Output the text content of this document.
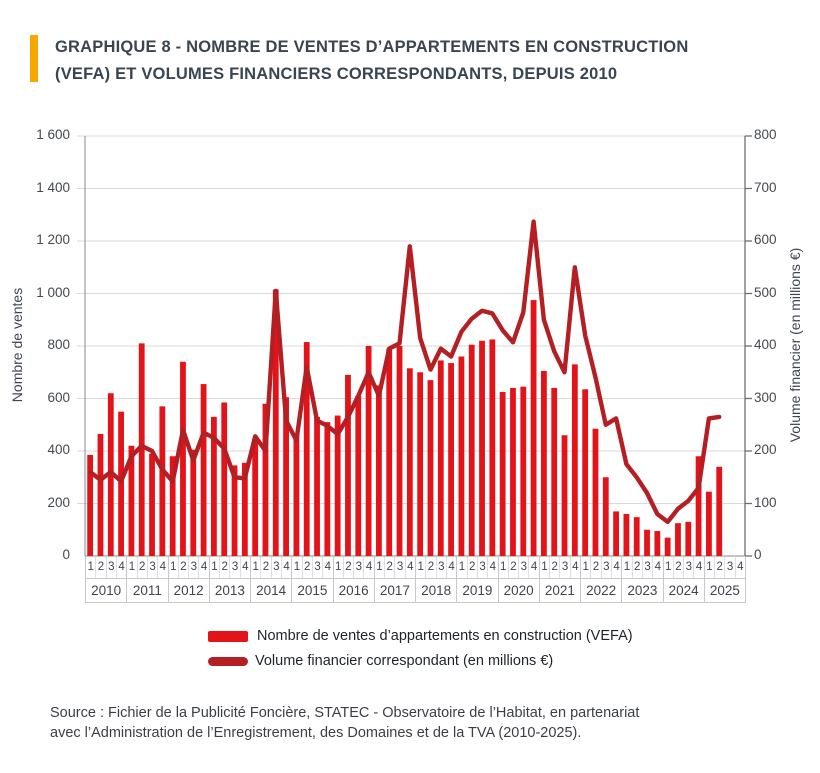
GRAPHIQUE 8 - NOMBRE DE VENTES D’APPARTEMENTS EN CONSTRUCTION
(VEFA) ET VOLUMES FINANCIERS CORRESPONDANTS, DEPUIS 2010
Nombre de ventes	Volume financier (en millions €)
0
200
400
600
800
1 000
1 200
1 400
1 600
0
100
200
300
400
500
600
700
800
1 2 3 4
2010
1 2 3 4
2011
1 2 3 4
2012
1 2 3 4
2013
1 2 3 4
2014
1 2 3 4
2015
1 2 3 4
2016
1 2 3 4
2017
1 2 3 4
2018
1 2 3 4
2019
1 2 3 4
2020
1 2 3 4
2021
1 2 3 4
2022
1 2 3 4
2023
1 2 3 4
2024
1 2 3 4
2025
Nombre de ventes d’appartements en construction (VEFA)
Volume financier correspondant (en millions €)
Source : Fichier de la Publicité Foncière, STATEC - Observatoire de l’Habitat, en partenariat
avec l’Administration de l’Enregistrement, des Domaines et de la TVA (2010-2025).
